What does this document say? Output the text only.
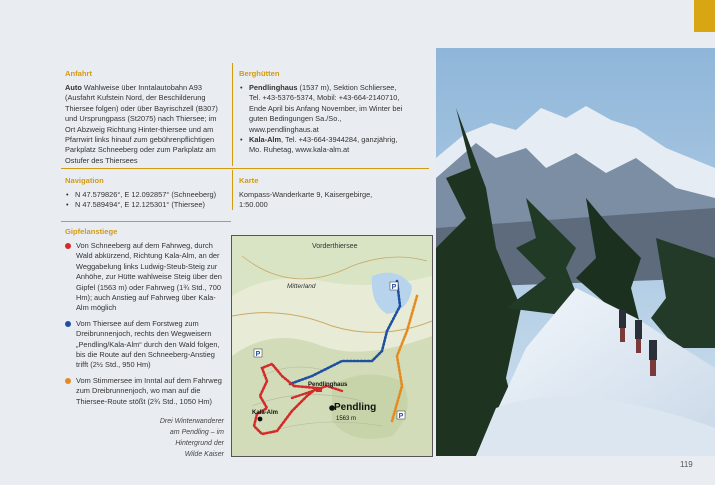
Anfahrt
Auto Wahlweise über Inntalautobahn A93 (Ausfahrt Kufstein Nord, der Beschilderung Thiersee folgen) oder über Bayrischzell (B307) und Ursprungpass (St2075) nach Thiersee; im Ort Abzweig Richtung Hinter-thiersee und am Pfarrwirt links hinauf zum gebührenpflichtigen Parkplatz Schneeberg oder zum Parkplatz am Ostufer des Thiersees
Berghütten
• Pendlinghaus (1537 m), Sektion Schliersee, Tel. +43-5376-5374, Mobil: +43-664-2140710, Ende April bis Anfang November, im Winter bei guten Bedingungen Sa./So., www.pendlinghaus.at
• Kala-Alm, Tel. +43-664-3944284, ganzjährig, Mo. Ruhetag, www.kala-alm.at
Navigation
• N 47.579826°, E 12.092857° (Schneeberg)
• N 47.589494°, E 12.125301° (Thiersee)
Karte
Kompass-Wanderkarte 9, Kaisergebirge, 1:50.000
Gipfelanstiege
Von Schneeberg auf dem Fahrweg, durch Wald abkürzend, Richtung Kala-Alm, an der Weggabelung links Ludwig-Steub-Steig zur Anhöhe, zur Hütte wahlweise Steig über den Gipfel (1563 m) oder Fahrweg (1¾ Std., 700 Hm); auch Anstieg auf Fahrweg über Kala-Alm möglich
Vom Thiersee auf dem Forstweg zum Dreibrunnenjoch, rechts den Wegweisern „Pendling/Kala-Alm“ durch den Wald folgen, bis die Route auf den Schneeberg-Anstieg trifft (2½ Std., 950 Hm)
Vom Stimmersee im Inntal auf dem Fahrweg zum Dreibrunnenjoch, wo man auf die Thiersee-Route stößt (2¾ Std., 1050 Hm)
P
P
P
Vorderthiersee
Mitterland
Pendlinghaus
Pendling
1563 m
Kala-Alm
Drei Winterwanderer
am Pendling – im
Hintergrund der
Wilde Kaiser
119
